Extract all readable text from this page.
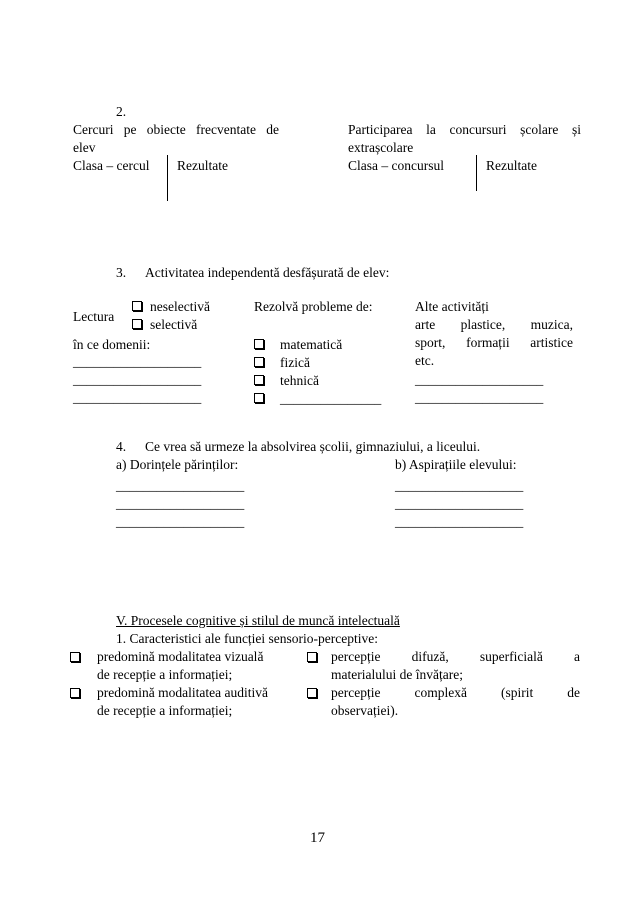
2.
Cercuri pe obiecte frecventate de
elev
Clasa – cercul Rezultate
Participarea la concursuri școlare și
extrașcolare
Clasa – concursul	Rezultate
3. Activitatea independentă desfășurată de elev:
Lectura
neselectivă
selectivă
în ce domenii:
___________________
___________________
___________________
Rezolvă probleme de:
matematică
fizică
tehnică
_______________
Alte activități
arte plastice, muzica,
sport, formații artistice
etc.
___________________
___________________
4. Ce vrea să urmeze la absolvirea școlii, gimnaziului, a liceului.
a) Dorințele părinților:	b) Aspirațiile elevului:
___________________
___________________
___________________
___________________
___________________
___________________
V. Procesele cognitive și stilul de muncă intelectuală
1. Caracteristici ale funcției sensorio-perceptive:
predomină modalitatea vizuală
de recepție a informației;
predomină modalitatea auditivă
de recepție a informației;
percepție difuză, superficială a
materialului de învățare;
percepție complexă (spirit de
observației).
17
